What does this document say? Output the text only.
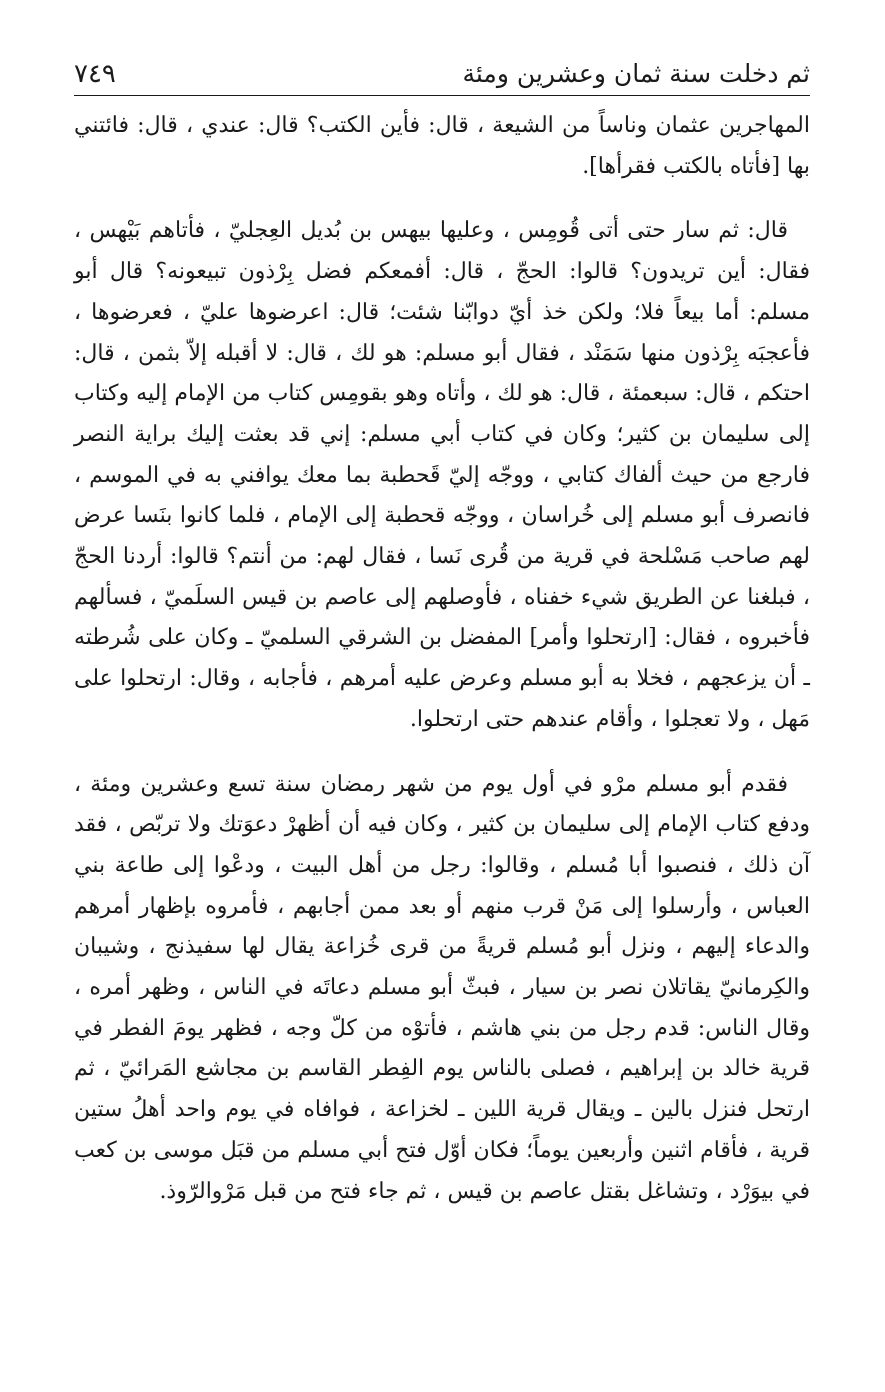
ثم دخلت سنة ثمان وعشرين ومئة
٧٤٩

المهاجرين عثمان وناساً من الشيعة ، قال: فأين الكتب؟ قال: عندي ، قال: فائتني بها [فأتاه بالكتب فقرأها].

قال: ثم سار حتى أتى قُومِس ، وعليها بيهس بن بُديل العِجليّ ، فأتاهم بَيْهس ، فقال: أين تريدون؟ قالوا: الحجّ ، قال: أفمعكم فضل بِرْذون تبيعونه؟ قال أبو مسلم: أما بيعاً فلا؛ ولكن خذ أيّ دوابّنا شئت؛ قال: اعرضوها عليّ ، فعرضوها ، فأعجبَه بِرْذون منها سَمَنْد ، فقال أبو مسلم: هو لك ، قال: لا أقبله إلاّ بثمن ، قال: احتكم ، قال: سبعمئة ، قال: هو لك ، وأتاه وهو بقومِس كتاب من الإمام إليه وكتاب إلى سليمان بن كثير؛ وكان في كتاب أبي مسلم: إني قد بعثت إليك براية النصر فارجع من حيث ألفاك كتابي ، ووجّه إليّ قَحطبة بما معك يوافني به في الموسم ، فانصرف أبو مسلم إلى خُراسان ، ووجّه قحطبة إلى الإمام ، فلما كانوا بنَسا عرض لهم صاحب مَسْلحة في قرية من قُرى نَسا ، فقال لهم: من أنتم؟ قالوا: أردنا الحجّ ، فبلغنا عن الطريق شيء خفناه ، فأوصلهم إلى عاصم بن قيس السلَميّ ، فسألهم فأخبروه ، فقال: [ارتحلوا وأمر] المفضل بن الشرقي السلميّ ـ وكان على شُرطته ـ أن يزعجهم ، فخلا به أبو مسلم وعرض عليه أمرهم ، فأجابه ، وقال: ارتحلوا على مَهل ، ولا تعجلوا ، وأقام عندهم حتى ارتحلوا.

فقدم أبو مسلم مرْو في أول يوم من شهر رمضان سنة تسع وعشرين ومئة ، ودفع كتاب الإمام إلى سليمان بن كثير ، وكان فيه أن أظهرْ دعوَتك ولا تربّص ، فقد آن ذلك ، فنصبوا أبا مُسلم ، وقالوا: رجل من أهل البيت ، ودعْوا إلى طاعة بني العباس ، وأرسلوا إلى مَنْ قرب منهم أو بعد ممن أجابهم ، فأمروه بإظهار أمرهم والدعاء إليهم ، ونزل أبو مُسلم قريةً من قرى خُزاعة يقال لها سفيذنج ، وشيبان والكِرمانيّ يقاتلان نصر بن سيار ، فبثّ أبو مسلم دعاتَه في الناس ، وظهر أمره ، وقال الناس: قدم رجل من بني هاشم ، فأتوْه من كلّ وجه ، فظهر يومَ الفطر في قرية خالد بن إبراهيم ، فصلى بالناس يوم الفِطر القاسم بن مجاشع المَرائيّ ، ثم ارتحل فنزل بالين ـ ويقال قرية اللين ـ لخزاعة ، فوافاه في يوم واحد أهلُ ستين قرية ، فأقام اثنين وأربعين يوماً؛ فكان أوّل فتح أبي مسلم من قبَل موسى بن كعب في بيوَرْد ، وتشاغل بقتل عاصم بن قيس ، ثم جاء فتح من قبل مَرْوالرّوذ.
